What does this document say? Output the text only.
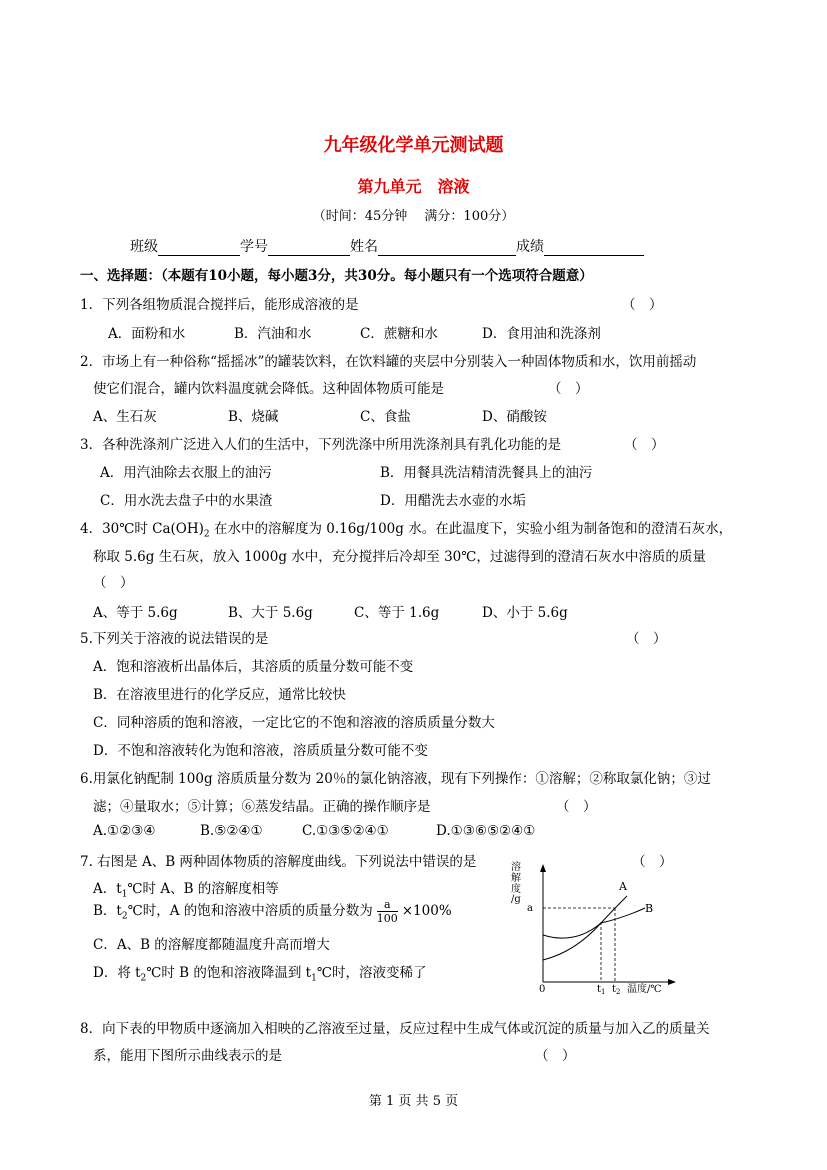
九年级化学单元测试题
第九单元　溶液
（时间：45分钟　 满分：100分）
班级	学号	姓名	成绩
一、选择题：（本题有10小题，每小题3分，共30分。每小题只有一个选项符合题意）
1．下列各组物质混合搅拌后，能形成溶液的是	（　）
A．面粉和水	B．汽油和水	C．蔗糖和水	D．食用油和洗涤剂
2．市场上有一种俗称“摇摇冰”的罐装饮料，在饮料罐的夹层中分别装入一种固体物质和水，饮用前摇动
使它们混合，罐内饮料温度就会降低。这种固体物质可能是	（　）
A、生石灰	B、烧碱	C、食盐	D、硝酸铵
3．各种洗涤剂广泛进入人们的生活中，下列洗涤中所用洗涤剂具有乳化功能的是	（　）
A．用汽油除去衣服上的油污	B．用餐具洗洁精清洗餐具上的油污
C．用水洗去盘子中的水果渣	D．用醋洗去水壶的水垢
4．30℃时 $Ca(OH)_2$ 在水中的溶解度为 0.16g/100g 水。在此温度下，实验小组为制备饱和的澄清石灰水，
称取 5.6g 生石灰，放入 1000g 水中，充分搅拌后冷却至 30℃，过滤得到的澄清石灰水中溶质的质量
（　）
A、等于 5.6g	B、大于 5.6g	C、等于 1.6g	D、小于 5.6g
5.下列关于溶液的说法错误的是	（　）
A．饱和溶液析出晶体后，其溶质的质量分数可能不变
B．在溶液里进行的化学反应，通常比较快
C．同种溶质的饱和溶液，一定比它的不饱和溶液的溶质质量分数大
D．不饱和溶液转化为饱和溶液，溶质质量分数可能不变
6.用氯化钠配制 100g 溶质质量分数为 20％的氯化钠溶液，现有下列操作：①溶解；②称取氯化钠；③过
滤；④量取水；⑤计算；⑥蒸发结晶。正确的操作顺序是	（　）
A.①②③④	B.⑤②④①	C.①③⑤②④①	D.①③⑥⑤②④①
7. 右图是 A、B 两种固体物质的溶解度曲线。下列说法中错误的是	（　）
A．$t_1℃$时 A、B 的溶解度相等
B．$t_2℃$时，A 的饱和溶液中溶质的质量分数为 $\frac{a}{100} \times 100\%$
C．A、B 的溶解度都随温度升高而增大
D．将 $t_2℃$时 B 的饱和溶液降温到 $t_1℃$时，溶液变稀了
溶解度/g
a
A
B
0	$t_1$ $t_2$ 温度/℃
8．向下表的甲物质中逐滴加入相映的乙溶液至过量，反应过程中生成气体或沉淀的质量与加入乙的质量关
系，能用下图所示曲线表示的是	（　）
第 1 页 共 5 页
